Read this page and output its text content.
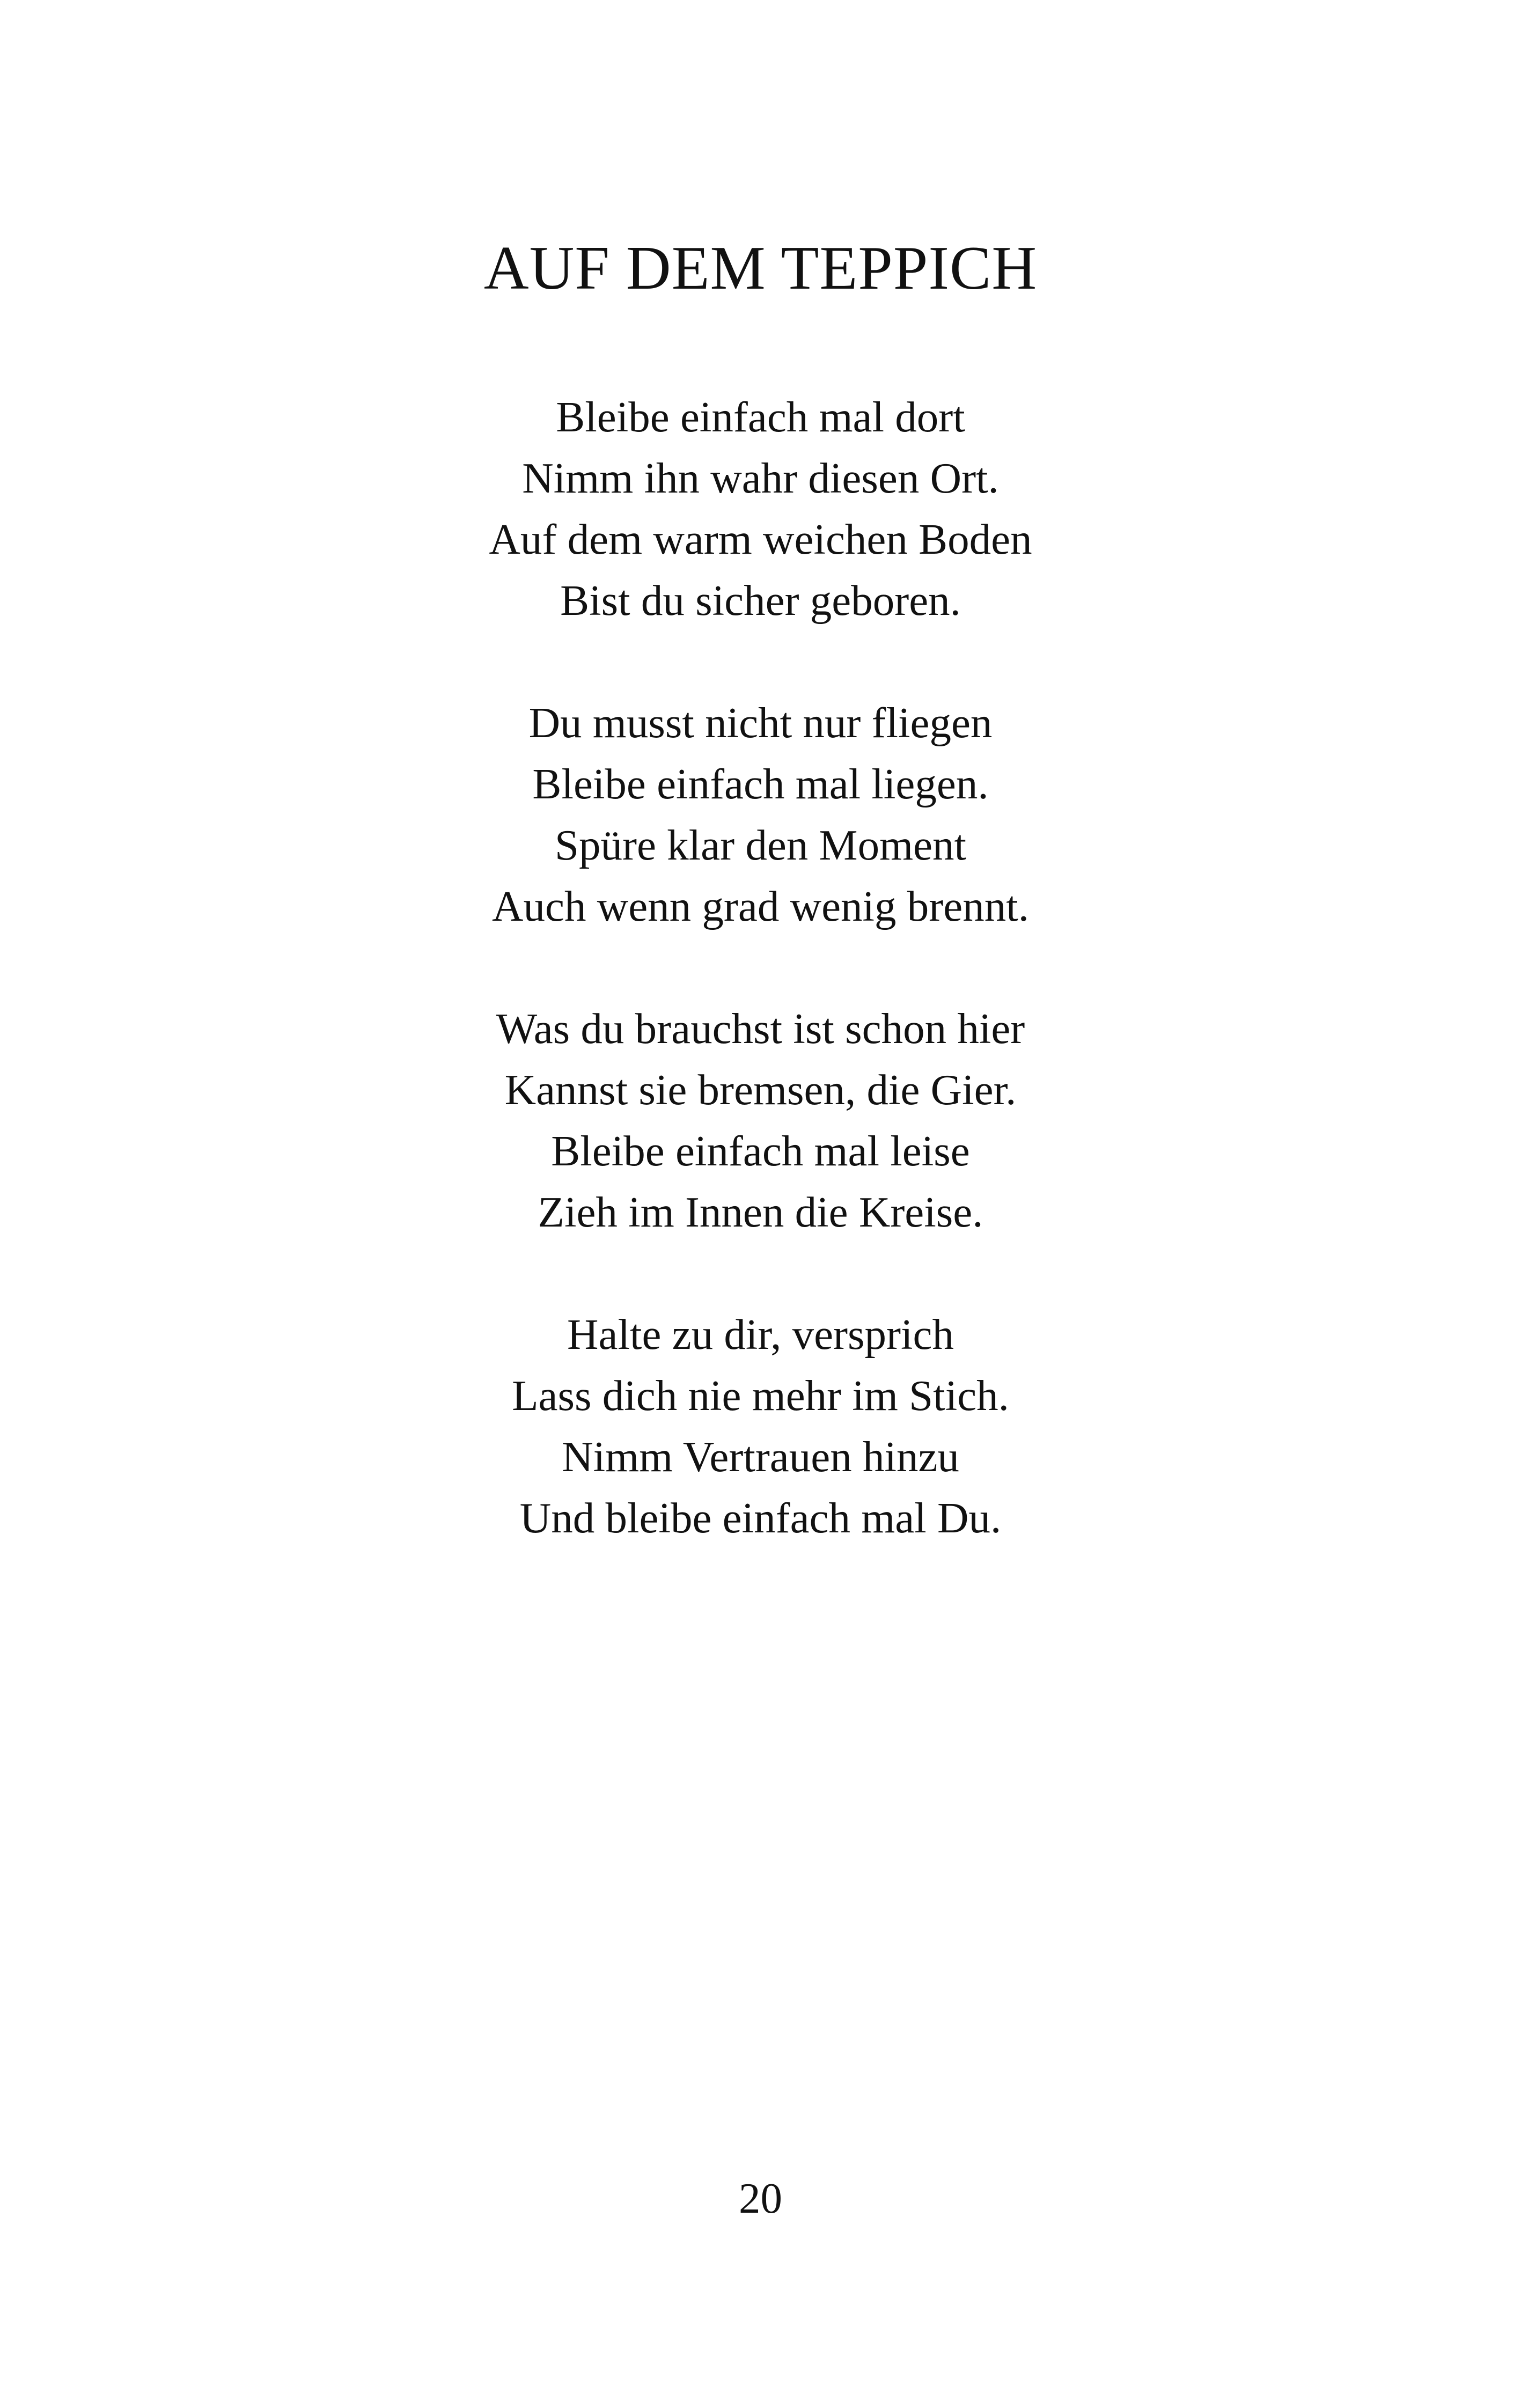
AUF DEM TEPPICH
Bleibe einfach mal dort
Nimm ihn wahr diesen Ort.
Auf dem warm weichen Boden
Bist du sicher geboren.
Du musst nicht nur fliegen
Bleibe einfach mal liegen.
Spüre klar den Moment
Auch wenn grad wenig brennt.
Was du brauchst ist schon hier
Kannst sie bremsen, die Gier.
Bleibe einfach mal leise
Zieh im Innen die Kreise.
Halte zu dir, versprich
Lass dich nie mehr im Stich.
Nimm Vertrauen hinzu
Und bleibe einfach mal Du.
20
